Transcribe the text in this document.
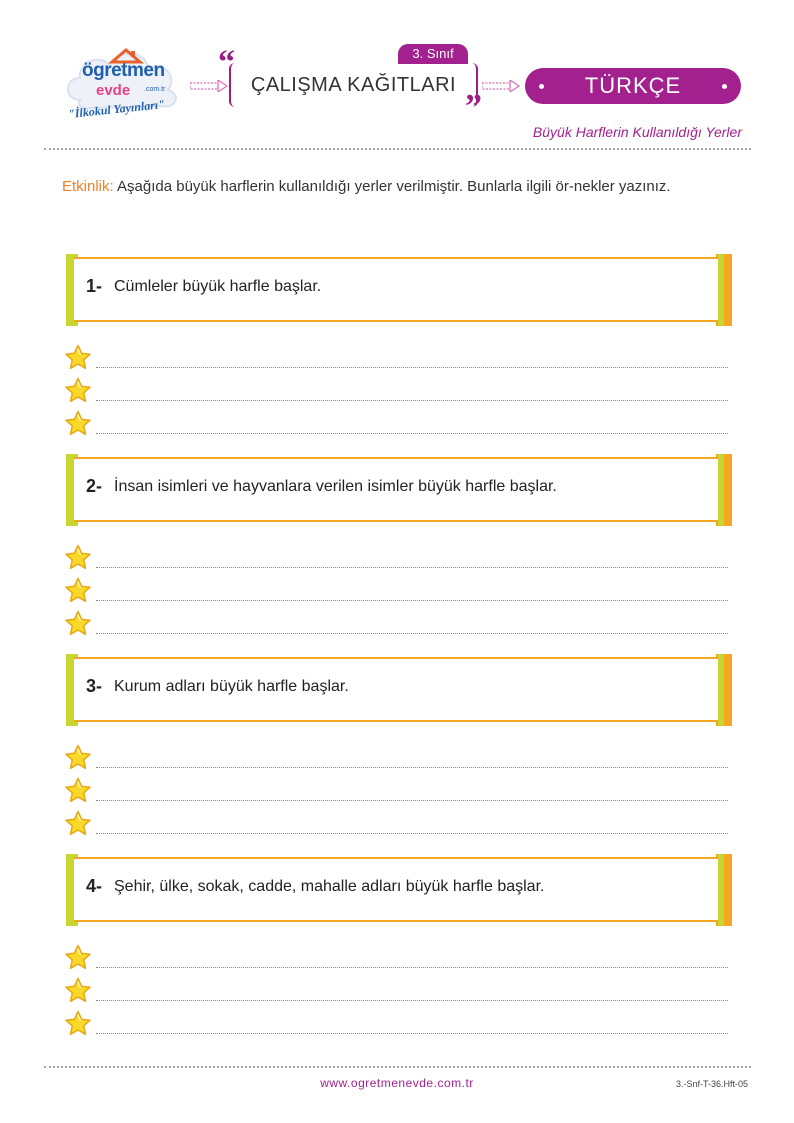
ögretmen
evde .com.tr
"İlkokul Yayınları"
3. Sınıf
“
ÇALIŞMA KAĞITLARI
”
TÜRKÇE
Büyük Harflerin Kullanıldığı Yerler
Etkinlik: Aşağıda büyük harflerin kullanıldığı yerler verilmiştir. Bunlarla ilgili ör-nekler yazınız.
1- Cümleler büyük harfle başlar.
2- İnsan isimleri ve hayvanlara verilen isimler büyük harfle başlar.
3- Kurum adları büyük harfle başlar.
4- Şehir, ülke, sokak, cadde, mahalle adları büyük harfle başlar.
www.ogretmenevde.com.tr	3.-Snf-T-36.Hft-05
